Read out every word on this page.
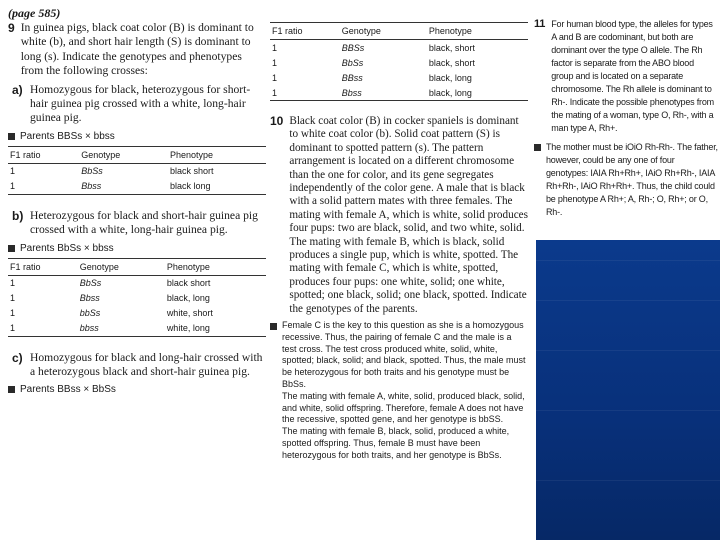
(page 585)
9 In guinea pigs, black coat color (B) is dominant to white (b), and short hair length (S) is dominant to long (s). Indicate the genotypes and phenotypes from the following crosses:
a) Homozygous for black, heterozygous for short-hair guinea pig crossed with a white, long-hair guinea pig.
Parents BBSs × bbss
F1 ratio	Genotype	Phenotype
1	BbSs	black short
1	Bbss	black long
b) Heterozygous for black and short-hair guinea pig crossed with a white, long-hair guinea pig.
Parents BbSs × bbss
F1 ratio	Genotype	Phenotype
1	BbSs	black short
1	Bbss	black, long
1	bbSs	white, short
1	bbss	white, long
c) Homozygous for black and long-hair crossed with a heterozygous black and short-hair guinea pig.
Parents BBss × BbSs
F1 ratio	Genotype	Phenotype
1	BBSs	black, short
1	BbSs	black, short
1	BBss	black, long
1	Bbss	black, long
10 Black coat color (B) in cocker spaniels is dominant to white coat color (b). Solid coat pattern (S) is dominant to spotted pattern (s). The pattern arrangement is located on a different chromosome than the one for color, and its gene segregates independently of the color gene. A male that is black with a solid pattern mates with three females. The mating with female A, which is white, solid produces four pups: two are black, solid, and two white, solid. The mating with female B, which is black, solid produces a single pup, which is white, spotted. The mating with female C, which is white, spotted, produces four pups: one white, solid; one white, spotted; one black, solid; one black, spotted. Indicate the genotypes of the parents.
Female C is the key to this question as she is a homozygous recessive. Thus, the pairing of female C and the male is a test cross. The test cross produced white, solid, white, spotted; black, solid; and black, spotted. Thus, the male must be heterozygous for both traits and his genotype must be BbSs.
The mating with female A, white, solid, produced black, solid, and white, solid offspring. Therefore, female A does not have the recessive, spotted gene, and her genotype is bbSS.
The mating with female B, black, solid, produced a white, spotted offspring. Thus, female B must have been heterozygous for both traits, and her genotype is BbSs.
11 For human blood type, the alleles for types A and B are codominant, but both are dominant over the type O allele. The Rh factor is separate from the ABO blood group and is located on a separate chromosome. The Rh allele is dominant to Rh-. Indicate the possible phenotypes from the mating of a woman, type O, Rh-, with a man type A, Rh+.
The mother must be iOiO Rh-Rh-. The father, however, could be any one of four genotypes: IAIA Rh+Rh+, IAiO Rh+Rh-, IAIA Rh+Rh-, IAiO Rh+Rh+. Thus, the child could be phenotype A Rh+; A, Rh-; O, Rh+; or O, Rh-.
